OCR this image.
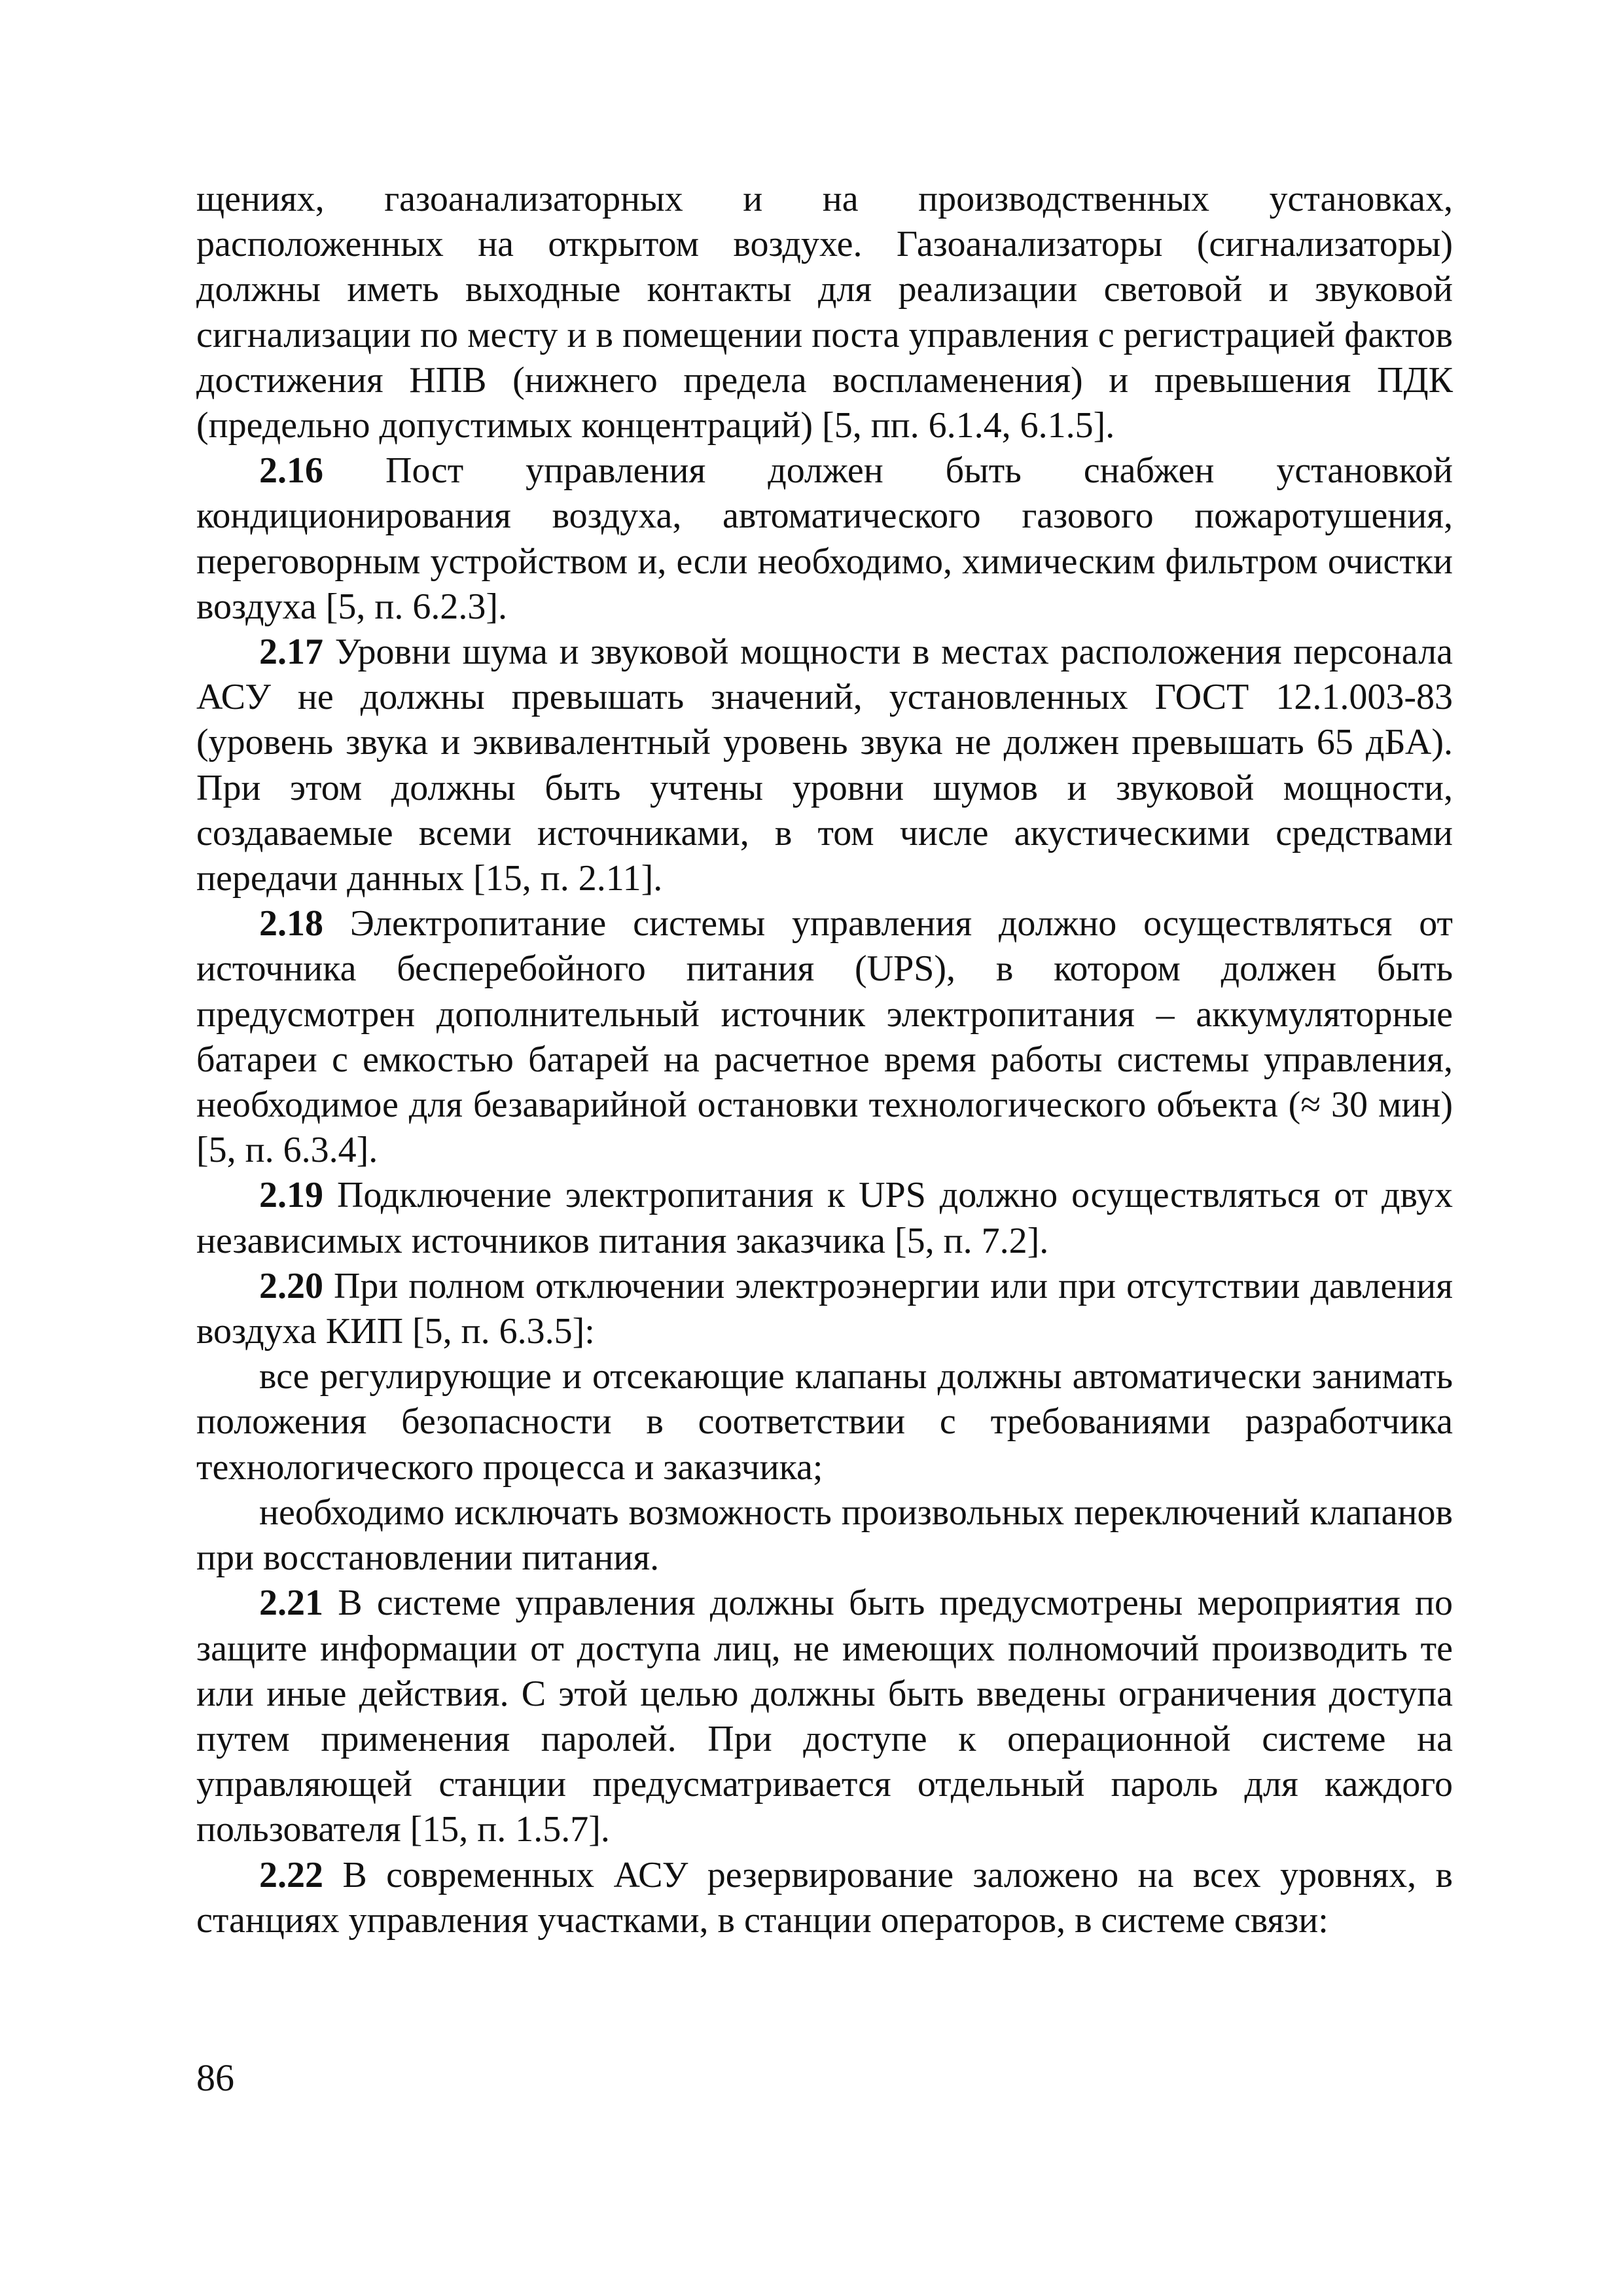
щениях, газоанализаторных и на производственных установках, расположенных на открытом воздухе. Газоанализаторы (сигнализаторы) должны иметь выходные контакты для реализации световой и звуковой сигнализации по месту и в помещении поста управления с регистрацией фактов достижения НПВ (нижнего предела воспламенения) и превышения ПДК (предельно допустимых концентраций) [5, пп. 6.1.4, 6.1.5].

2.16 Пост управления должен быть снабжен установкой кондиционирования воздуха, автоматического газового пожаротушения, переговорным устройством и, если необходимо, химическим фильтром очистки воздуха [5, п. 6.2.3].

2.17 Уровни шума и звуковой мощности в местах расположения персонала АСУ не должны превышать значений, установленных ГОСТ 12.1.003-83 (уровень звука и эквивалентный уровень звука не должен превышать 65 дБА). При этом должны быть учтены уровни шумов и звуковой мощности, создаваемые всеми источниками, в том числе акустическими средствами передачи данных [15, п. 2.11].

2.18 Электропитание системы управления должно осуществляться от источника бесперебойного питания (UPS), в котором должен быть предусмотрен дополнительный источник электропитания – аккумуляторные батареи с емкостью батарей на расчетное время работы системы управления, необходимое для безаварийной остановки технологического объекта (≈ 30 мин) [5, п. 6.3.4].

2.19 Подключение электропитания к UPS должно осуществляться от двух независимых источников питания заказчика [5, п. 7.2].

2.20 При полном отключении электроэнергии или при отсутствии давления воздуха КИП [5, п. 6.3.5]:

все регулирующие и отсекающие клапаны должны автоматически занимать положения безопасности в соответствии с требованиями разработчика технологического процесса и заказчика;

необходимо исключать возможность произвольных переключений клапанов при восстановлении питания.

2.21 В системе управления должны быть предусмотрены мероприятия по защите информации от доступа лиц, не имеющих полномочий производить те или иные действия. С этой целью должны быть введены ограничения доступа путем применения паролей. При доступе к операционной системе на управляющей станции предусматривается отдельный пароль для каждого пользователя [15, п. 1.5.7].

2.22 В современных АСУ резервирование заложено на всех уровнях, в станциях управления участками, в станции операторов, в системе связи:

86
